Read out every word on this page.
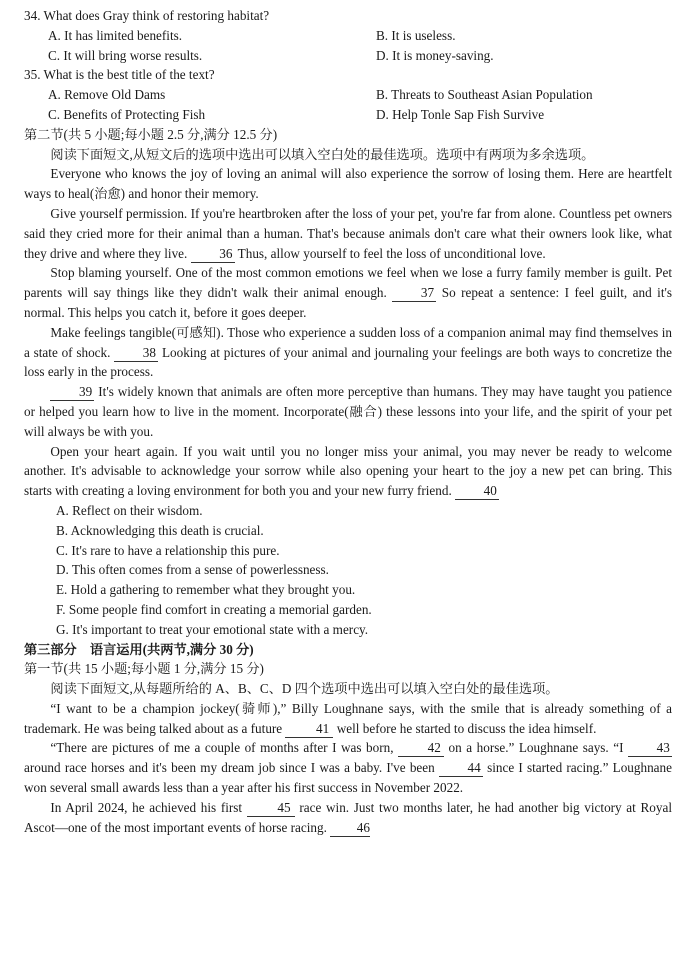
34. What does Gray think of restoring habitat?

A. It has limited benefits.	B. It is useless.
C. It will bring worse results.	D. It is money-saving.

35. What is the best title of the text?

A. Remove Old Dams	B. Threats to Southeast Asian Population
C. Benefits of Protecting Fish	D. Help Tonle Sap Fish Survive

第二节(共 5 小题;每小题 2.5 分,满分 12.5 分)

阅读下面短文,从短文后的选项中选出可以填入空白处的最佳选项。选项中有两项为多余选项。

Everyone who knows the joy of loving an animal will also experience the sorrow of losing them. Here are heartfelt ways to heal(治愈) and honor their memory.

Give yourself permission. If you're heartbroken after the loss of your pet, you're far from alone. Countless pet owners said they cried more for their animal than a human. That's because animals don't care what their owners look like, what they drive and where they live. 36 Thus, allow yourself to feel the loss of unconditional love.

Stop blaming yourself. One of the most common emotions we feel when we lose a furry family member is guilt. Pet parents will say things like they didn't walk their animal enough.	37 So repeat a sentence: I feel guilt, and it's normal. This helps you catch it, before it goes deeper.

Make feelings tangible(可感知). Those who experience a sudden loss of a companion animal may find themselves in a state of shock. 38 Looking at pictures of your animal and journaling your feelings are both ways to concretize the loss early in the process.

39 It's widely known that animals are often more perceptive than humans. They may have taught you patience or helped you learn how to live in the moment. Incorporate(融合) these lessons into your life, and the spirit of your pet will always be with you.

Open your heart again. If you wait until you no longer miss your animal, you may never be ready to welcome another. It's advisable to acknowledge your sorrow while also opening your heart to the joy a new pet can bring. This starts with creating a loving environment for both you and your new furry friend. 40

A. Reflect on their wisdom.

B. Acknowledging this death is crucial.

C. It's rare to have a relationship this pure.

D. This often comes from a sense of powerlessness.

E. Hold a gathering to remember what they brought you.

F. Some people find comfort in creating a memorial garden.

G. It's important to treat your emotional state with a mercy.

第三部分　语言运用(共两节,满分 30 分)

第一节(共 15 小题;每小题 1 分,满分 15 分)

阅读下面短文,从每题所给的 A、B、C、D 四个选项中选出可以填入空白处的最佳选项。

“I want to be a champion jockey(骑师),” Billy Loughnane says, with the smile that is already something of a trademark. He was being talked about as a future 41 well before he started to discuss the idea himself.

“There are pictures of me a couple of months after I was born, 42 on a horse.” Loughnane says. “I 43 around race horses and it's been my dream job since I was a baby. I've been 44 since I started racing.” Loughnane won several small awards less than a year after his first success in November 2022.

In April 2024, he achieved his first 45 race win. Just two months later, he had another big victory at Royal Ascot—one of the most important events of horse racing. 46
